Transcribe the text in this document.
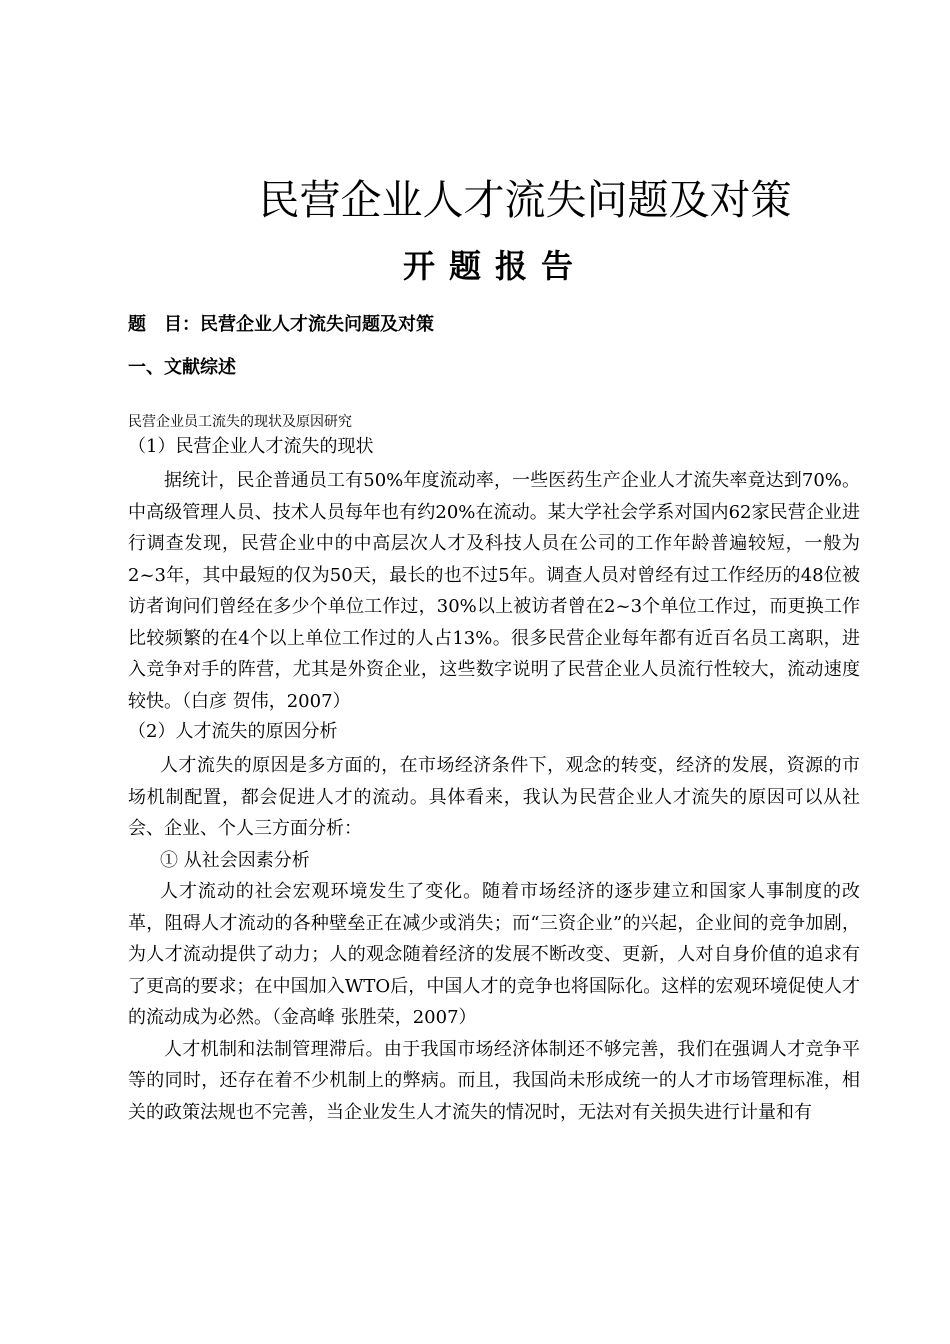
民营企业人才流失问题及对策
开题报告
题　目：民营企业人才流失问题及对策
一、文献综述
民营企业员工流失的现状及原因研究
（1）民营企业人才流失的现状

据统计，民企普通员工有50%年度流动率，一些医药生产企业人才流失率竟达到70%。中高级管理人员、技术人员每年也有约20%在流动。某大学社会学系对国内62家民营企业进行调查发现，民营企业中的中高层次人才及科技人员在公司的工作年龄普遍较短，一般为2~3年，其中最短的仅为50天，最长的也不过5年。调查人员对曾经有过工作经历的48位被访者询问们曾经在多少个单位工作过，30%以上被访者曾在2~3个单位工作过，而更换工作比较频繁的在4个以上单位工作过的人占13%。很多民营企业每年都有近百名员工离职，进入竞争对手的阵营，尤其是外资企业，这些数字说明了民营企业人员流行性较大，流动速度较快。（白彦 贺伟，2007）

（2）人才流失的原因分析

人才流失的原因是多方面的，在市场经济条件下，观念的转变，经济的发展，资源的市场机制配置，都会促进人才的流动。具体看来，我认为民营企业人才流失的原因可以从社会、企业、个人三方面分析：

① 从社会因素分析

人才流动的社会宏观环境发生了变化。随着市场经济的逐步建立和国家人事制度的改革，阻碍人才流动的各种壁垒正在减少或消失；而“三资企业”的兴起，企业间的竞争加剧，为人才流动提供了动力；人的观念随着经济的发展不断改变、更新，人对自身价值的追求有了更高的要求；在中国加入WTO后，中国人才的竞争也将国际化。这样的宏观环境促使人才的流动成为必然。（金高峰 张胜荣，2007）

人才机制和法制管理滞后。由于我国市场经济体制还不够完善，我们在强调人才竞争平等的同时，还存在着不少机制上的弊病。而且，我国尚未形成统一的人才市场管理标准，相关的政策法规也不完善，当企业发生人才流失的情况时，无法对有关损失进行计量和有
